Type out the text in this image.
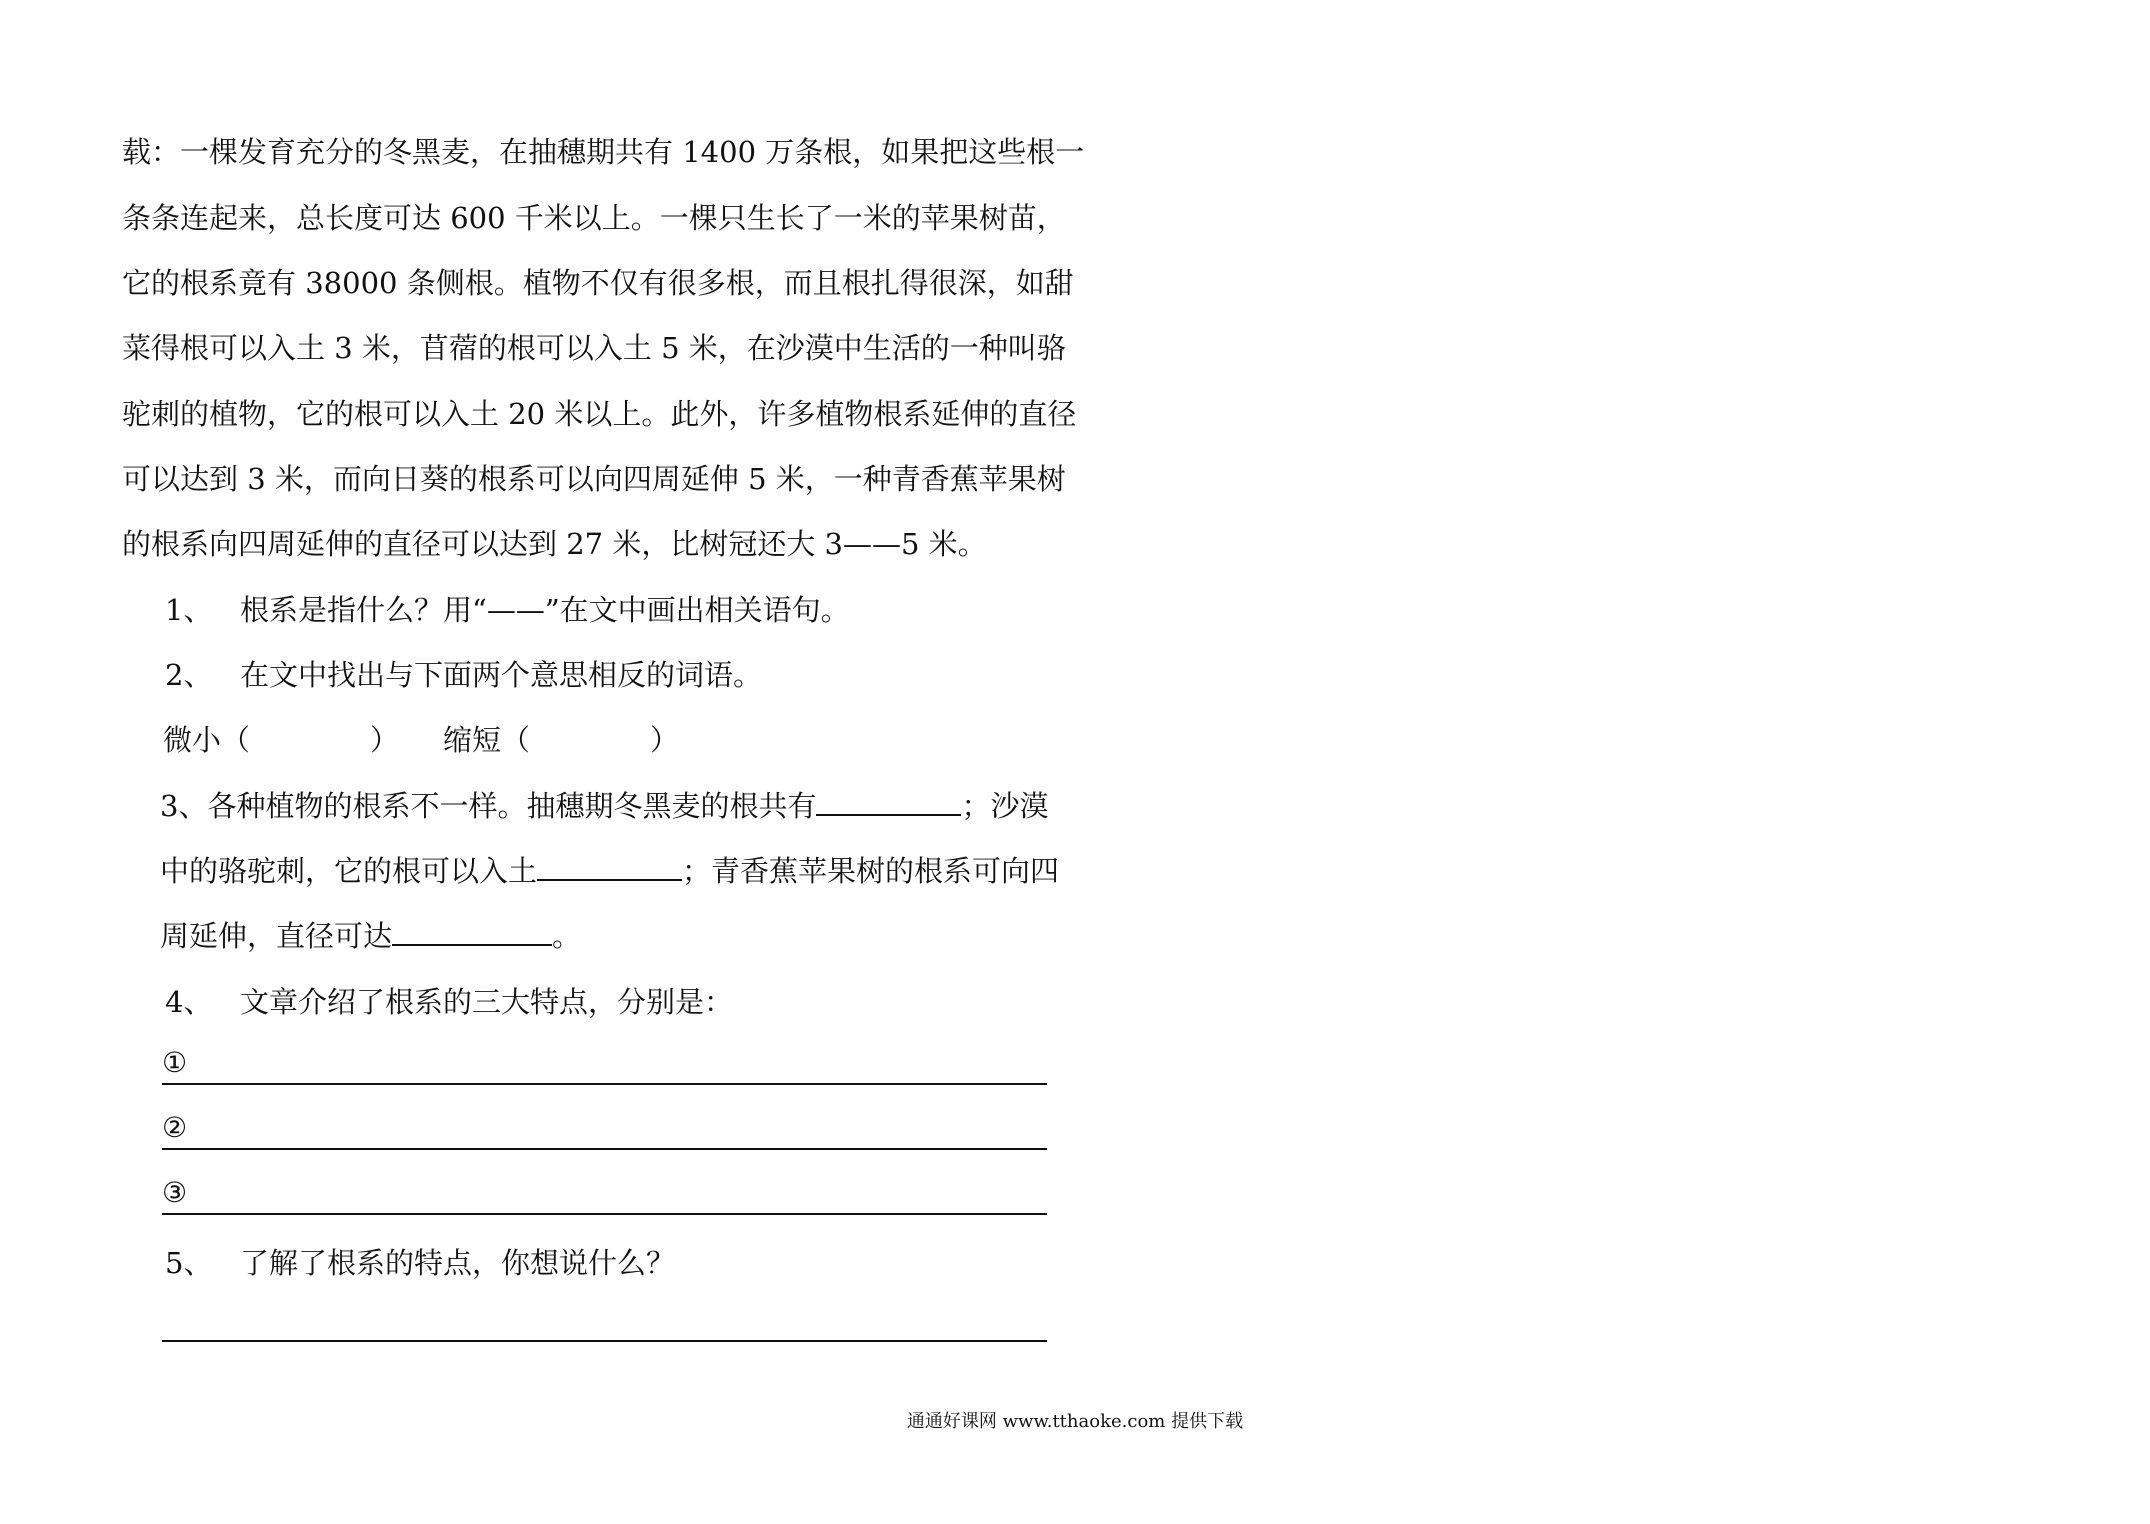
载：一棵发育充分的冬黑麦，在抽穗期共有 1400 万条根，如果把这些根一
条条连起来，总长度可达 600 千米以上。一棵只生长了一米的苹果树苗，
它的根系竟有 38000 条侧根。植物不仅有很多根，而且根扎得很深，如甜
菜得根可以入土 3 米，苜蓿的根可以入土 5 米，在沙漠中生活的一种叫骆
驼刺的植物，它的根可以入土 20 米以上。此外，许多植物根系延伸的直径
可以达到 3 米，而向日葵的根系可以向四周延伸 5 米，一种青香蕉苹果树
的根系向四周延伸的直径可以达到 27 米，比树冠还大 3——5 米。
1、 根系是指什么？用“——”在文中画出相关语句。
2、 在文中找出与下面两个意思相反的词语。
微小（	） 缩短（	）
3、各种植物的根系不一样。抽穗期冬黑麦的根共有	；沙漠
中的骆驼刺，它的根可以入土	；青香蕉苹果树的根系可向四
周延伸，直径可达	。
4、 文章介绍了根系的三大特点，分别是：
①
②
③
5、 了解了根系的特点，你想说什么？
通通好课网 www.tthaoke.com 提供下载
